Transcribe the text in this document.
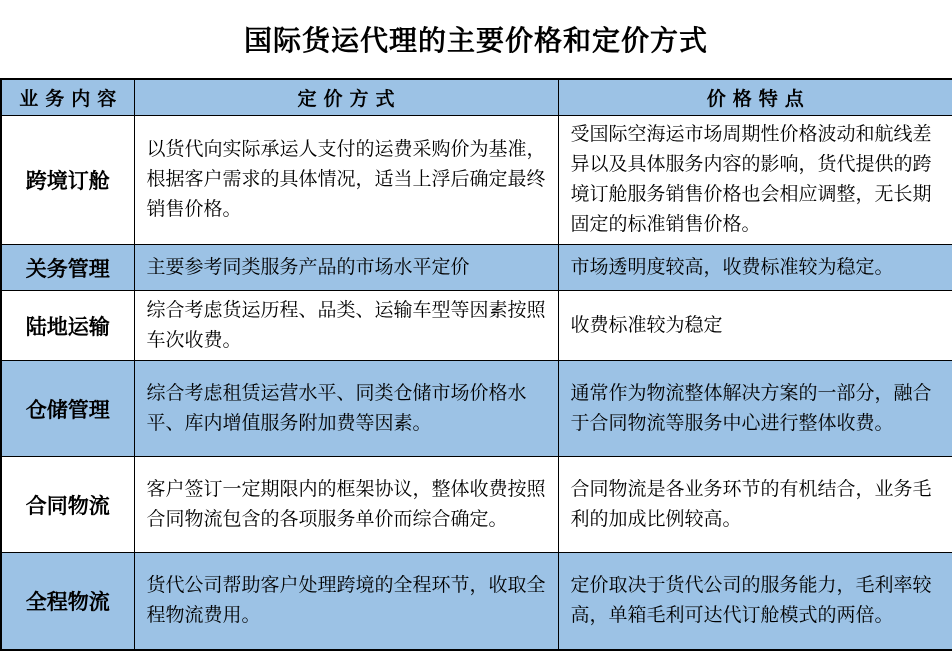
国际货运代理的主要价格和定价方式
业务内容	定价方式	价格特点
跨境订舱	以货代向实际承运人支付的运费采购价为基准，根据客户需求的具体情况，适当上浮后确定最终销售价格。	受国际空海运市场周期性价格波动和航线差异以及具体服务内容的影响，货代提供的跨境订舱服务销售价格也会相应调整，无长期固定的标准销售价格。
关务管理	主要参考同类服务产品的市场水平定价	市场透明度较高，收费标准较为稳定。
陆地运输	综合考虑货运历程、品类、运输车型等因素按照车次收费。	收费标准较为稳定
仓储管理	综合考虑租赁运营水平、同类仓储市场价格水平、库内增值服务附加费等因素。	通常作为物流整体解决方案的一部分，融合于合同物流等服务中心进行整体收费。
合同物流	客户签订一定期限内的框架协议，整体收费按照合同物流包含的各项服务单价而综合确定。	合同物流是各业务环节的有机结合，业务毛利的加成比例较高。
全程物流	货代公司帮助客户处理跨境的全程环节，收取全程物流费用。	定价取决于货代公司的服务能力，毛利率较高，单箱毛利可达代订舱模式的两倍。
